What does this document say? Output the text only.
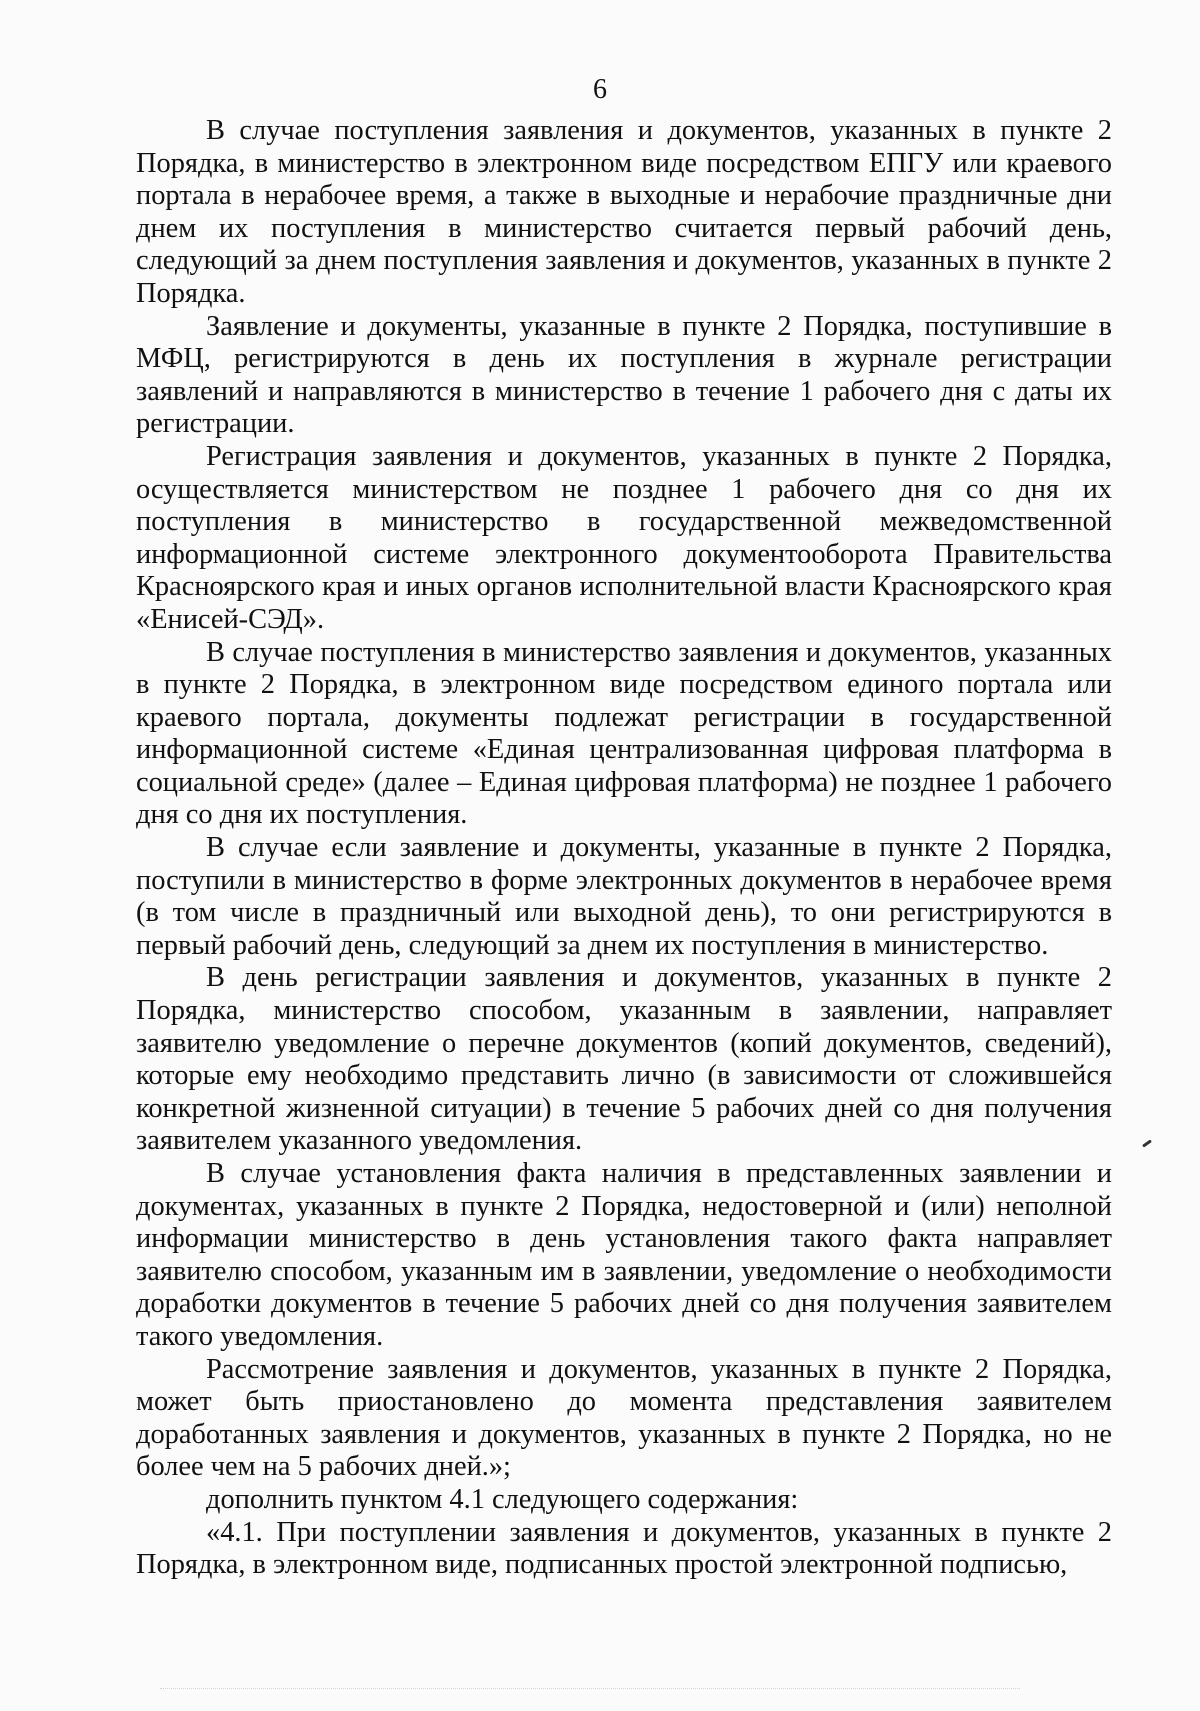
6

В случае поступления заявления и документов, указанных в пункте 2 Порядка, в министерство в электронном виде посредством ЕПГУ или краевого портала в нерабочее время, а также в выходные и нерабочие праздничные дни днем их поступления в министерство считается первый рабочий день, следующий за днем поступления заявления и документов, указанных в пункте 2 Порядка.

Заявление и документы, указанные в пункте 2 Порядка, поступившие в МФЦ, регистрируются в день их поступления в журнале регистрации заявлений и направляются в министерство в течение 1 рабочего дня с даты их регистрации.

Регистрация заявления и документов, указанных в пункте 2 Порядка, осуществляется министерством не позднее 1 рабочего дня со дня их поступления в министерство в государственной межведомственной информационной системе электронного документооборота Правительства Красноярского края и иных органов исполнительной власти Красноярского края «Енисей-СЭД».

В случае поступления в министерство заявления и документов, указанных в пункте 2 Порядка, в электронном виде посредством единого портала или краевого портала, документы подлежат регистрации в государственной информационной системе «Единая централизованная цифровая платформа в социальной среде» (далее – Единая цифровая платформа) не позднее 1 рабочего дня со дня их поступления.

В случае если заявление и документы, указанные в пункте 2 Порядка, поступили в министерство в форме электронных документов в нерабочее время (в том числе в праздничный или выходной день), то они регистрируются в первый рабочий день, следующий за днем их поступления в министерство.

В день регистрации заявления и документов, указанных в пункте 2 Порядка, министерство способом, указанным в заявлении, направляет заявителю уведомление о перечне документов (копий документов, сведений), которые ему необходимо представить лично (в зависимости от сложившейся конкретной жизненной ситуации) в течение 5 рабочих дней со дня получения заявителем указанного уведомления.

В случае установления факта наличия в представленных заявлении и документах, указанных в пункте 2 Порядка, недостоверной и (или) неполной информации министерство в день установления такого факта направляет заявителю способом, указанным им в заявлении, уведомление о необходимости доработки документов в течение 5 рабочих дней со дня получения заявителем такого уведомления.

Рассмотрение заявления и документов, указанных в пункте 2 Порядка, может быть приостановлено до момента представления заявителем доработанных заявления и документов, указанных в пункте 2 Порядка, но не более чем на 5 рабочих дней.»;

дополнить пунктом 4.1 следующего содержания:

«4.1. При поступлении заявления и документов, указанных в пункте 2 Порядка, в электронном виде, подписанных простой электронной подписью,
